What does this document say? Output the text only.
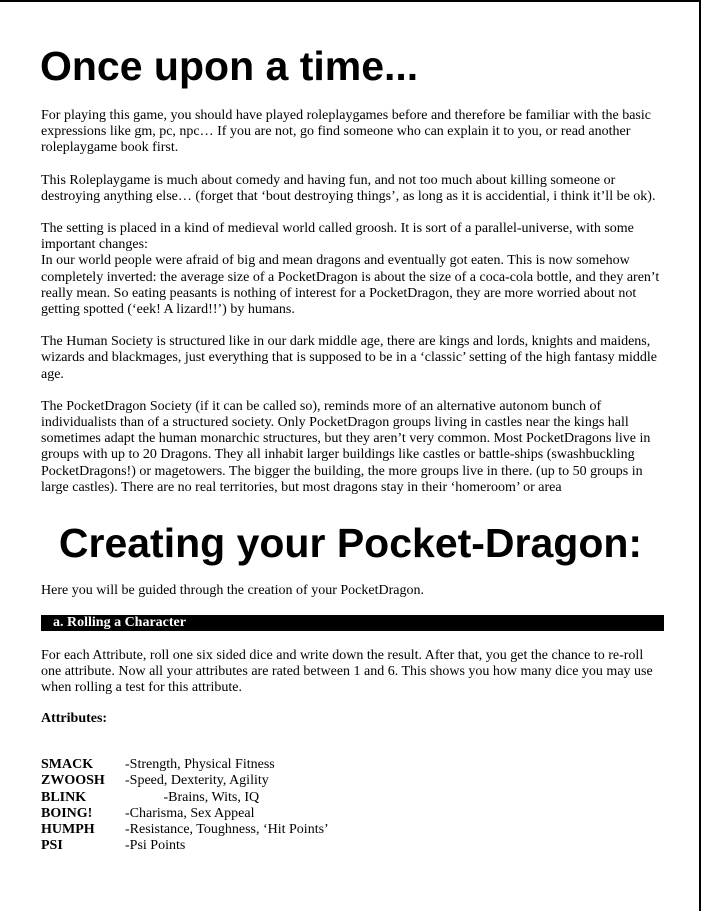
Once upon a time...

For playing this game, you should have played roleplaygames before and therefore be familiar with the basic expressions like gm, pc, npc… If you are not, go find someone who can explain it to you, or read another roleplaygame book first.

This Roleplaygame is much about comedy and having fun, and not too much about killing someone or destroying anything else… (forget that ‘bout destroying things’, as long as it is accidential, i think it’ll be ok).

The setting is placed in a kind of medieval world called groosh. It is sort of a parallel-universe, with some important changes:

In our world people were afraid of big and mean dragons and eventually got eaten. This is now somehow completely inverted: the average size of a PocketDragon is about the size of a coca-cola bottle, and they aren’t really mean. So eating peasants is nothing of interest for a PocketDragon, they are more worried about not getting spotted (‘eek! A lizard!!’) by humans.

The Human Society is structured like in our dark middle age, there are kings and lords, knights and maidens, wizards and blackmages, just everything that is supposed to be in a ‘classic’ setting of the high fantasy middle age.

The PocketDragon Society (if it can be called so), reminds more of an alternative autonom bunch of individualists than of a structured society. Only PocketDragon groups living in castles near the kings hall sometimes adapt the human monarchic structures, but they aren’t very common. Most PocketDragons live in groups with up to 20 Dragons. They all inhabit larger buildings like castles or battle-ships (swashbuckling PocketDragons!) or magetowers. The bigger the building, the more groups live in there. (up to 50 groups in large castles). There are no real territories, but most dragons stay in their ‘homeroom’ or area

Creating your Pocket-Dragon:
Here you will be guided through the creation of your PocketDragon.
a. Rolling a Character
For each Attribute, roll one six sided dice and write down the result. After that, you get the chance to re-roll one attribute. Now all your attributes are rated between 1 and 6. This shows you how many dice you may use when rolling a test for this attribute.
Attributes:
SMACK	-Strength, Physical Fitness
ZWOOSH	-Speed, Dexterity, Agility
BLINK	-Brains, Wits, IQ
BOING!	-Charisma, Sex Appeal
HUMPH	-Resistance, Toughness, ‘Hit Points’
PSI	-Psi Points
